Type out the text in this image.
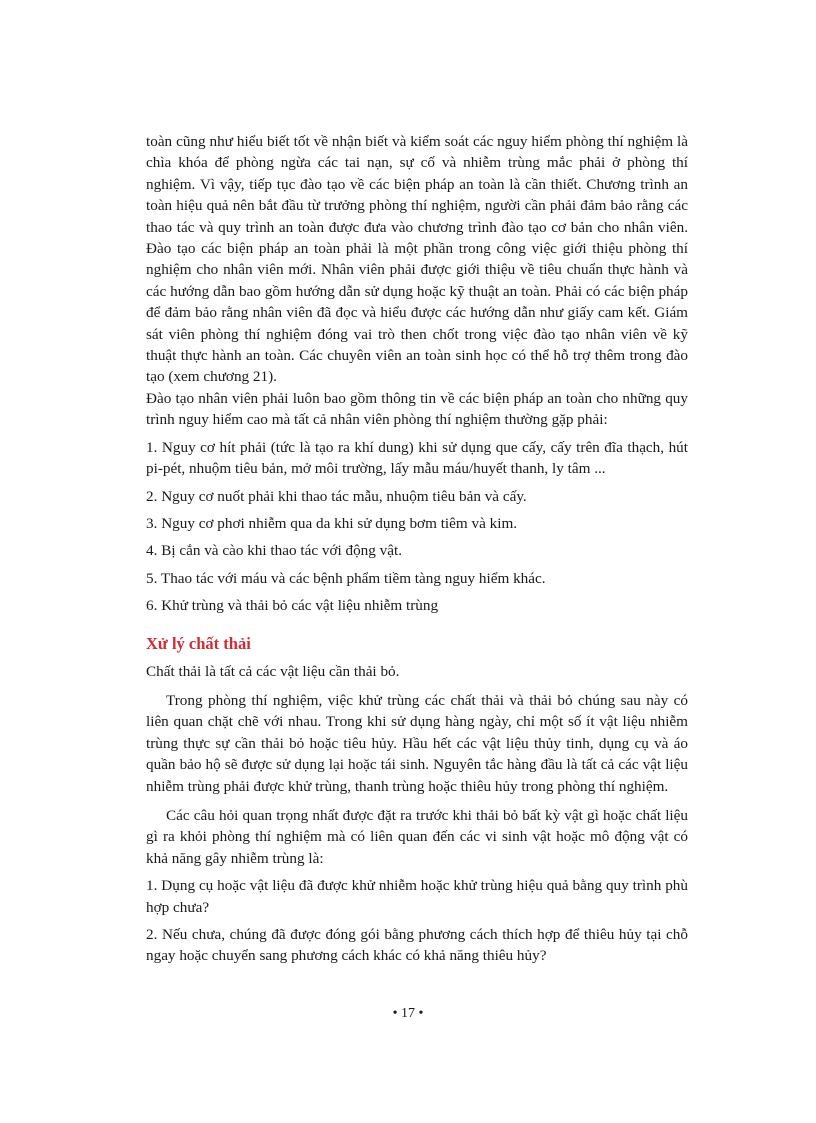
toàn cũng như hiểu biết tốt về nhận biết và kiểm soát các nguy hiểm phòng thí nghiệm là chìa khóa để phòng ngừa các tai nạn, sự cố và nhiễm trùng mắc phải ở phòng thí nghiệm. Vì vậy, tiếp tục đào tạo về các biện pháp an toàn là cần thiết. Chương trình an toàn hiệu quả nên bắt đầu từ trưởng phòng thí nghiệm, người cần phải đảm bảo rằng các thao tác và quy trình an toàn được đưa vào chương trình đào tạo cơ bản cho nhân viên. Đào tạo các biện pháp an toàn phải là một phần trong công việc giới thiệu phòng thí nghiệm cho nhân viên mới. Nhân viên phải được giới thiệu về tiêu chuẩn thực hành và các hướng dẫn bao gồm hướng dẫn sử dụng hoặc kỹ thuật an toàn. Phải có các biện pháp để đảm bảo rằng nhân viên đã đọc và hiểu được các hướng dẫn như giấy cam kết. Giám sát viên phòng thí nghiệm đóng vai trò then chốt trong việc đào tạo nhân viên về kỹ thuật thực hành an toàn. Các chuyên viên an toàn sinh học có thể hỗ trợ thêm trong đào tạo (xem chương 21).

Đào tạo nhân viên phải luôn bao gồm thông tin về các biện pháp an toàn cho những quy trình nguy hiểm cao mà tất cả nhân viên phòng thí nghiệm thường gặp phải:

1. Nguy cơ hít phải (tức là tạo ra khí dung) khi sử dụng que cấy, cấy trên đĩa thạch, hút pi-pét, nhuộm tiêu bản, mở môi trường, lấy mẫu máu/huyết thanh, ly tâm ...

2. Nguy cơ nuốt phải khi thao tác mẫu, nhuộm tiêu bản và cấy.

3. Nguy cơ phơi nhiễm qua da khi sử dụng bơm tiêm và kim.

4. Bị cắn và cào khi thao tác với động vật.

5. Thao tác với máu và các bệnh phẩm tiềm tàng nguy hiểm khác.

6. Khử trùng và thải bỏ các vật liệu nhiễm trùng

Xử lý chất thải

Chất thải là tất cả các vật liệu cần thải bỏ.

Trong phòng thí nghiệm, việc khử trùng các chất thải và thải bỏ chúng sau này có liên quan chặt chẽ với nhau. Trong khi sử dụng hàng ngày, chỉ một số ít vật liệu nhiễm trùng thực sự cần thải bỏ hoặc tiêu hủy. Hầu hết các vật liệu thủy tinh, dụng cụ và áo quần bảo hộ sẽ được sử dụng lại hoặc tái sinh. Nguyên tắc hàng đầu là tất cả các vật liệu nhiễm trùng phải được khử trùng, thanh trùng hoặc thiêu hủy trong phòng thí nghiệm.

Các câu hỏi quan trọng nhất được đặt ra trước khi thải bỏ bất kỳ vật gì hoặc chất liệu gì ra khỏi phòng thí nghiệm mà có liên quan đến các vi sinh vật hoặc mô động vật có khả năng gây nhiễm trùng là:

1. Dụng cụ hoặc vật liệu đã được khử nhiễm hoặc khử trùng hiệu quả bằng quy trình phù hợp chưa?

2. Nếu chưa, chúng đã được đóng gói bằng phương cách thích hợp để thiêu hủy tại chỗ ngay hoặc chuyển sang phương cách khác có khả năng thiêu hủy?

• 17 •
